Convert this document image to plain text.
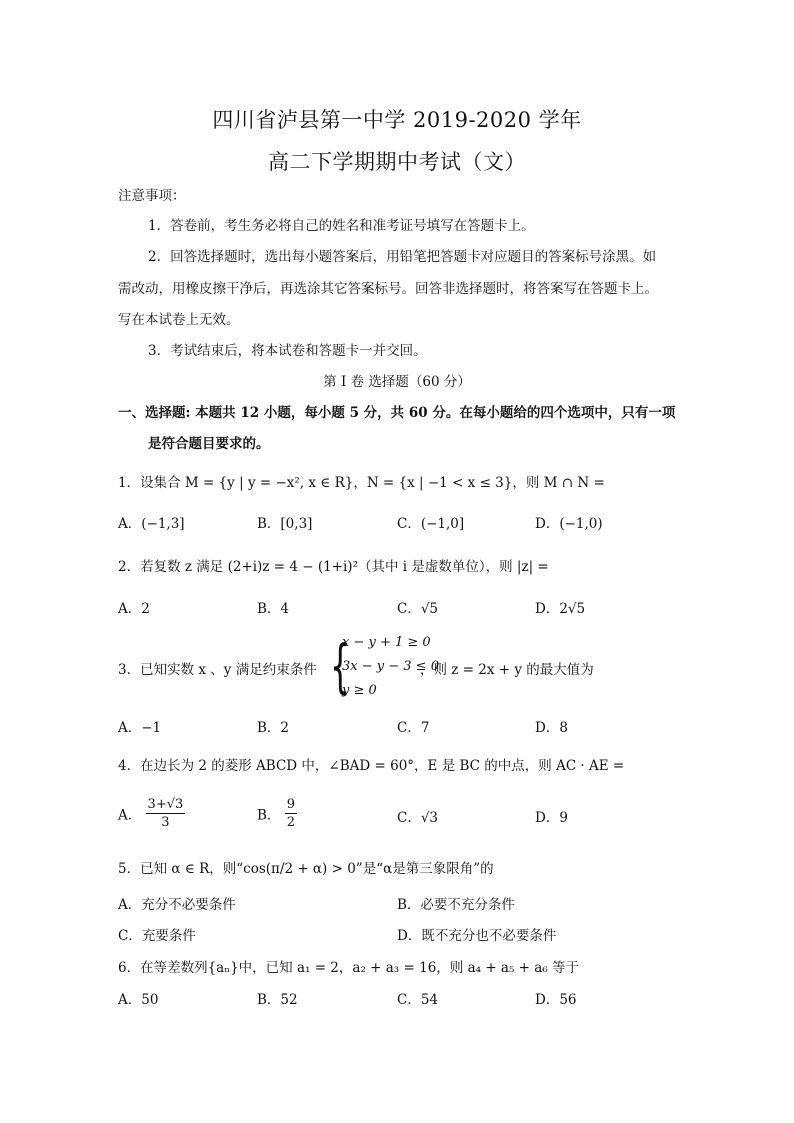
四川省泸县第一中学 2019-2020 学年
高二下学期期中考试（文）
注意事项：
1．答卷前，考生务必将自己的姓名和准考证号填写在答题卡上。
2．回答选择题时，选出每小题答案后，用铅笔把答题卡对应题目的答案标号涂黑。如
需改动，用橡皮擦干净后，再选涂其它答案标号。回答非选择题时，将答案写在答题卡上。
写在本试卷上无效。
3．考试结束后，将本试卷和答题卡一并交回。
第 I 卷 选择题（60 分）
一、选择题: 本题共 12 小题，每小题 5 分，共 60 分。在每小题给的四个选项中，只有一项
是符合题目要求的。
1．设集合 M = {y | y = −x², x ∈ R}，N = {x | −1 < x ≤ 3}，则 M ∩ N =
A．(−1,3]	B．[0,3]	C．(−1,0]	D．(−1,0)
2．若复数 z 满足 (2+i)z = 4 − (1+i)²（其中 i 是虚数单位），则 |z| =
A．2	B．4	C．√5	D．2√5
3．已知实数 x 、y 满足约束条件 {
x − y + 1 ≥ 0
3x − y − 3 ≤ 0
y ≥ 0
，则 z = 2x + y 的最大值为
A．−1	B．2	C．7	D．8
4．在边长为 2 的菱形 ABCD 中，∠BAD = 60°，E 是 BC 的中点，则 AC · AE =
A． $\frac{3+√3}{3}$	B． $\frac{9}{2}$	C．√3	D．9
5．已知 α ∈ R，则“cos(π/2 + α) > 0”是“α是第三象限角”的
A．充分不必要条件	B．必要不充分条件
C．充要条件	D．既不充分也不必要条件
6．在等差数列{aₙ}中，已知 a₁ = 2，a₂ + a₃ = 16，则 a₄ + a₅ + a₆ 等于
A．50	B．52	C．54	D．56
